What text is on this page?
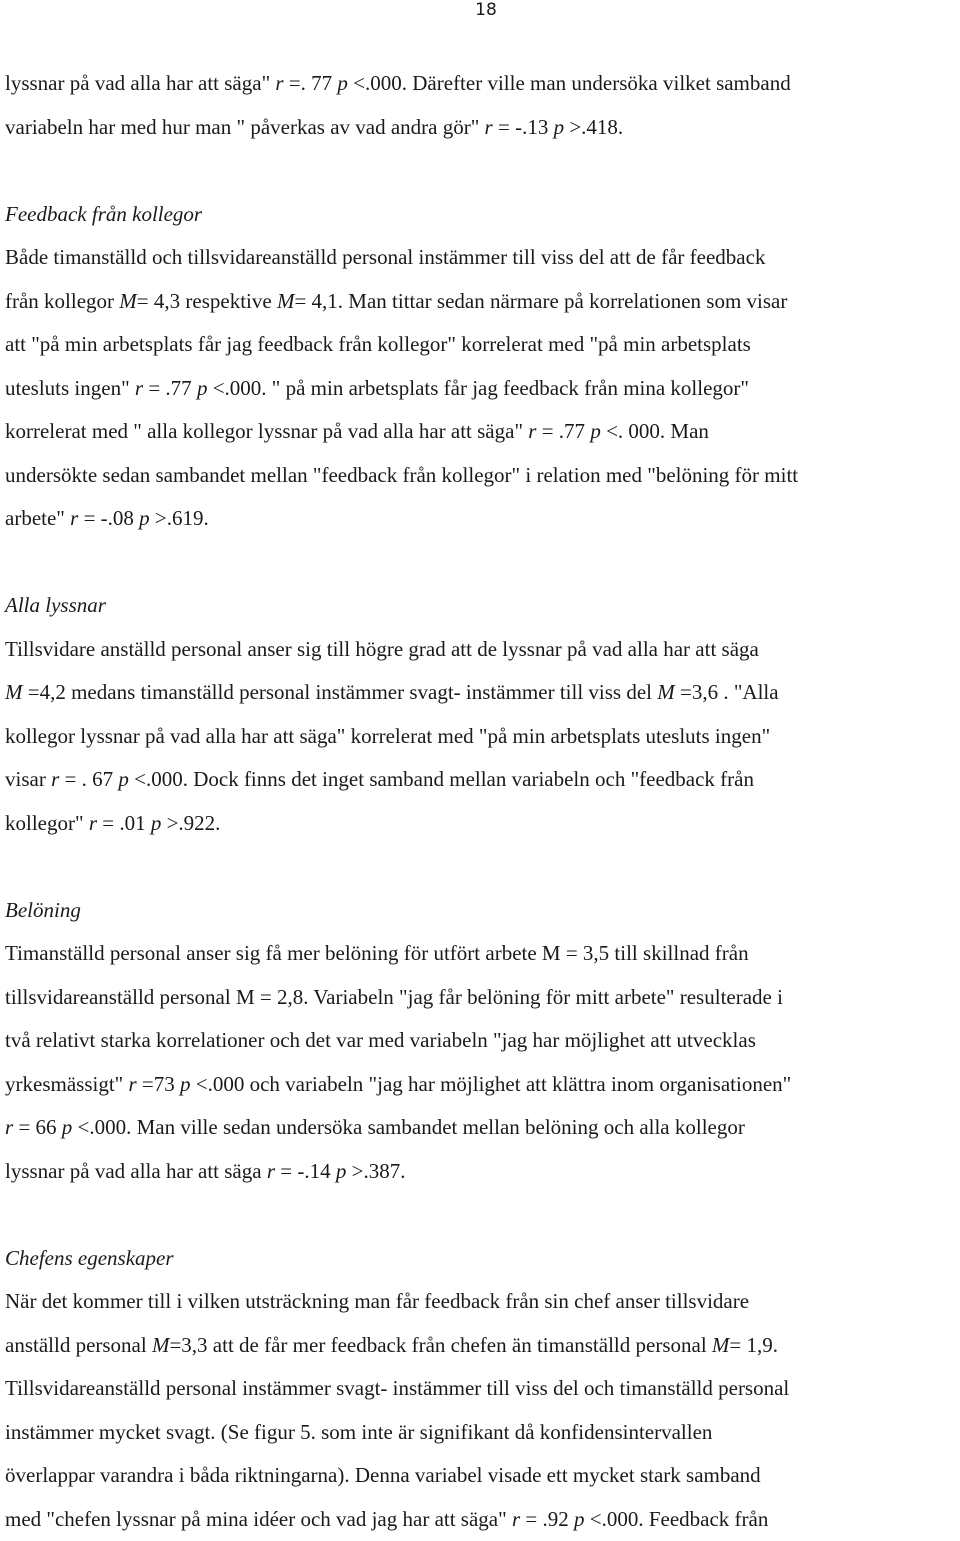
18
lyssnar på vad alla har att säga" r =. 77 p <.000. Därefter ville man undersöka vilket samband
variabeln har med hur man " påverkas av vad andra gör" r = -.13 p >.418.
Feedback från kollegor
Både timanställd och tillsvidareanställd personal instämmer till viss del att de får feedback
från kollegor M= 4,3 respektive M= 4,1. Man tittar sedan närmare på korrelationen som visar
att "på min arbetsplats får jag feedback från kollegor" korrelerat med "på min arbetsplats
utesluts ingen" r = .77 p <.000. " på min arbetsplats får jag feedback från mina kollegor"
korrelerat med " alla kollegor lyssnar på vad alla har att säga" r = .77 p <. 000. Man
undersökte sedan sambandet mellan "feedback från kollegor" i relation med "belöning för mitt
arbete" r = -.08 p >.619.
Alla lyssnar
Tillsvidare anställd personal anser sig till högre grad att de lyssnar på vad alla har att säga
M =4,2 medans timanställd personal instämmer svagt- instämmer till viss del M =3,6 . "Alla
kollegor lyssnar på vad alla har att säga" korrelerat med "på min arbetsplats utesluts ingen"
visar r = . 67 p <.000. Dock finns det inget samband mellan variabeln och "feedback från
kollegor" r = .01 p >.922.
Belöning
Timanställd personal anser sig få mer belöning för utfört arbete M = 3,5 till skillnad från
tillsvidareanställd personal M = 2,8. Variabeln "jag får belöning för mitt arbete" resulterade i
två relativt starka korrelationer och det var med variabeln "jag har möjlighet att utvecklas
yrkesmässigt" r =73 p <.000 och variabeln "jag har möjlighet att klättra inom organisationen"
r = 66 p <.000. Man ville sedan undersöka sambandet mellan belöning och alla kollegor
lyssnar på vad alla har att säga r = -.14 p >.387.
Chefens egenskaper
När det kommer till i vilken utsträckning man får feedback från sin chef anser tillsvidare
anställd personal M=3,3 att de får mer feedback från chefen än timanställd personal M= 1,9.
Tillsvidareanställd personal instämmer svagt- instämmer till viss del och timanställd personal
instämmer mycket svagt. (Se figur 5. som inte är signifikant då konfidensintervallen
överlappar varandra i båda riktningarna). Denna variabel visade ett mycket stark samband
med "chefen lyssnar på mina idéer och vad jag har att säga" r = .92 p <.000. Feedback från
